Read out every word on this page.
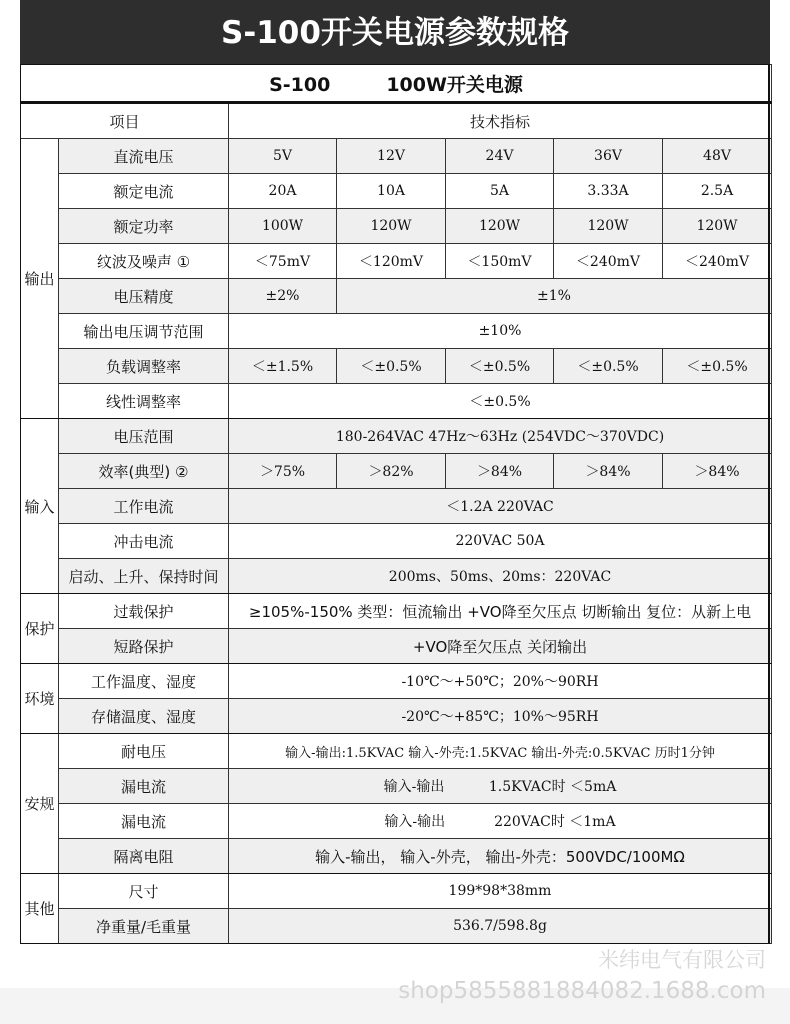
S-100开关电源参数规格
S-100 100W开关电源						
项目		技术指标				
输出	直流电压	5V	12V	24V	36V	48V
	额定电流	20A	10A	5A	3.33A	2.5A
	额定功率	100W	120W	120W	120W	120W
	纹波及噪声 ①	＜75mV	＜120mV	＜150mV	＜240mV	＜240mV
	电压精度	±2%	±1%			
	输出电压调节范围	±10%				
	负载调整率	＜±1.5%	＜±0.5%	＜±0.5%	＜±0.5%	＜±0.5%
	线性调整率	＜±0.5%				
输入	电压范围	180-264VAC 47Hz～63Hz (254VDC～370VDC)				
	效率(典型) ②	＞75%	＞82%	＞84%	＞84%	＞84%
	工作电流	＜1.2A 220VAC				
	冲击电流	220VAC 50A				
	启动、上升、保持时间	200ms、50ms、20ms：220VAC				
保护	过载保护	≥105%-150% 类型：恒流输出 +VO降至欠压点 切断输出 复位：从新上电				
	短路保护	+VO降至欠压点 关闭输出				
环境	工作温度、湿度	-10℃～+50℃；20%～90RH				
	存储温度、湿度	-20℃～+85℃；10%～95RH				
安规	耐电压	输入-输出:1.5KVAC 输入-外壳:1.5KVAC 输出-外壳:0.5KVAC 历时1分钟				
	漏电流	输入-输出          1.5KVAC时 ＜5mA				
	漏电流	输入-输出           220VAC时 ＜1mA				
	隔离电阻	输入-输出， 输入-外壳， 输出-外壳：500VDC/100MΩ				
其他	尺寸	199*98*38mm				
	净重量/毛重量	536.7/598.8g				
米纬电气有限公司
shop5855881884082.1688.com
